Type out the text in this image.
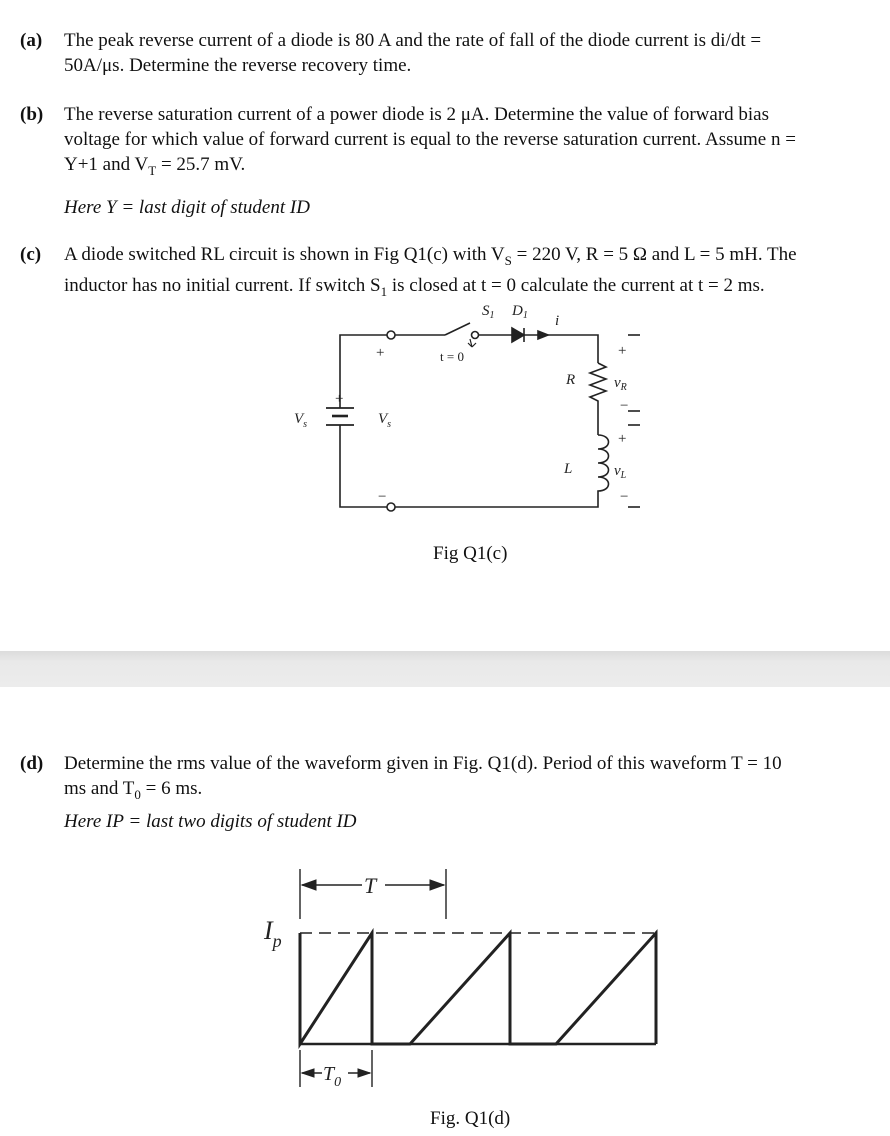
(a) The peak reverse current of a diode is 80 A and the rate of fall of the diode current is di/dt =
50A/μs. Determine the reverse recovery time.
(b) The reverse saturation current of a power diode is 2 μA. Determine the value of forward bias
voltage for which value of forward current is equal to the reverse saturation current. Assume n =
Y+1 and $V_T = 25.7$ mV.
Here Y = last digit of student ID
(c) A diode switched RL circuit is shown in Fig Q1(c) with $V_S = 220$ V, R = 5 Ω and L = 5 mH. The
inductor has no initial current. If switch $S_1$ is closed at t = 0 calculate the current at t = 2 ms.
$S_1$ $D_1$ i
t = 0
+
−
+
$V_s$	$V_s$
R
L
+
$v_R$
−
+
$v_L$
−
Fig Q1(c)
(d) Determine the rms value of the waveform given in Fig. Q1(d). Period of this waveform T = 10
ms and $T_0 = 6$ ms.
Here IP = last two digits of student ID
T
$I_p$
$T_0$
Fig. Q1(d)
